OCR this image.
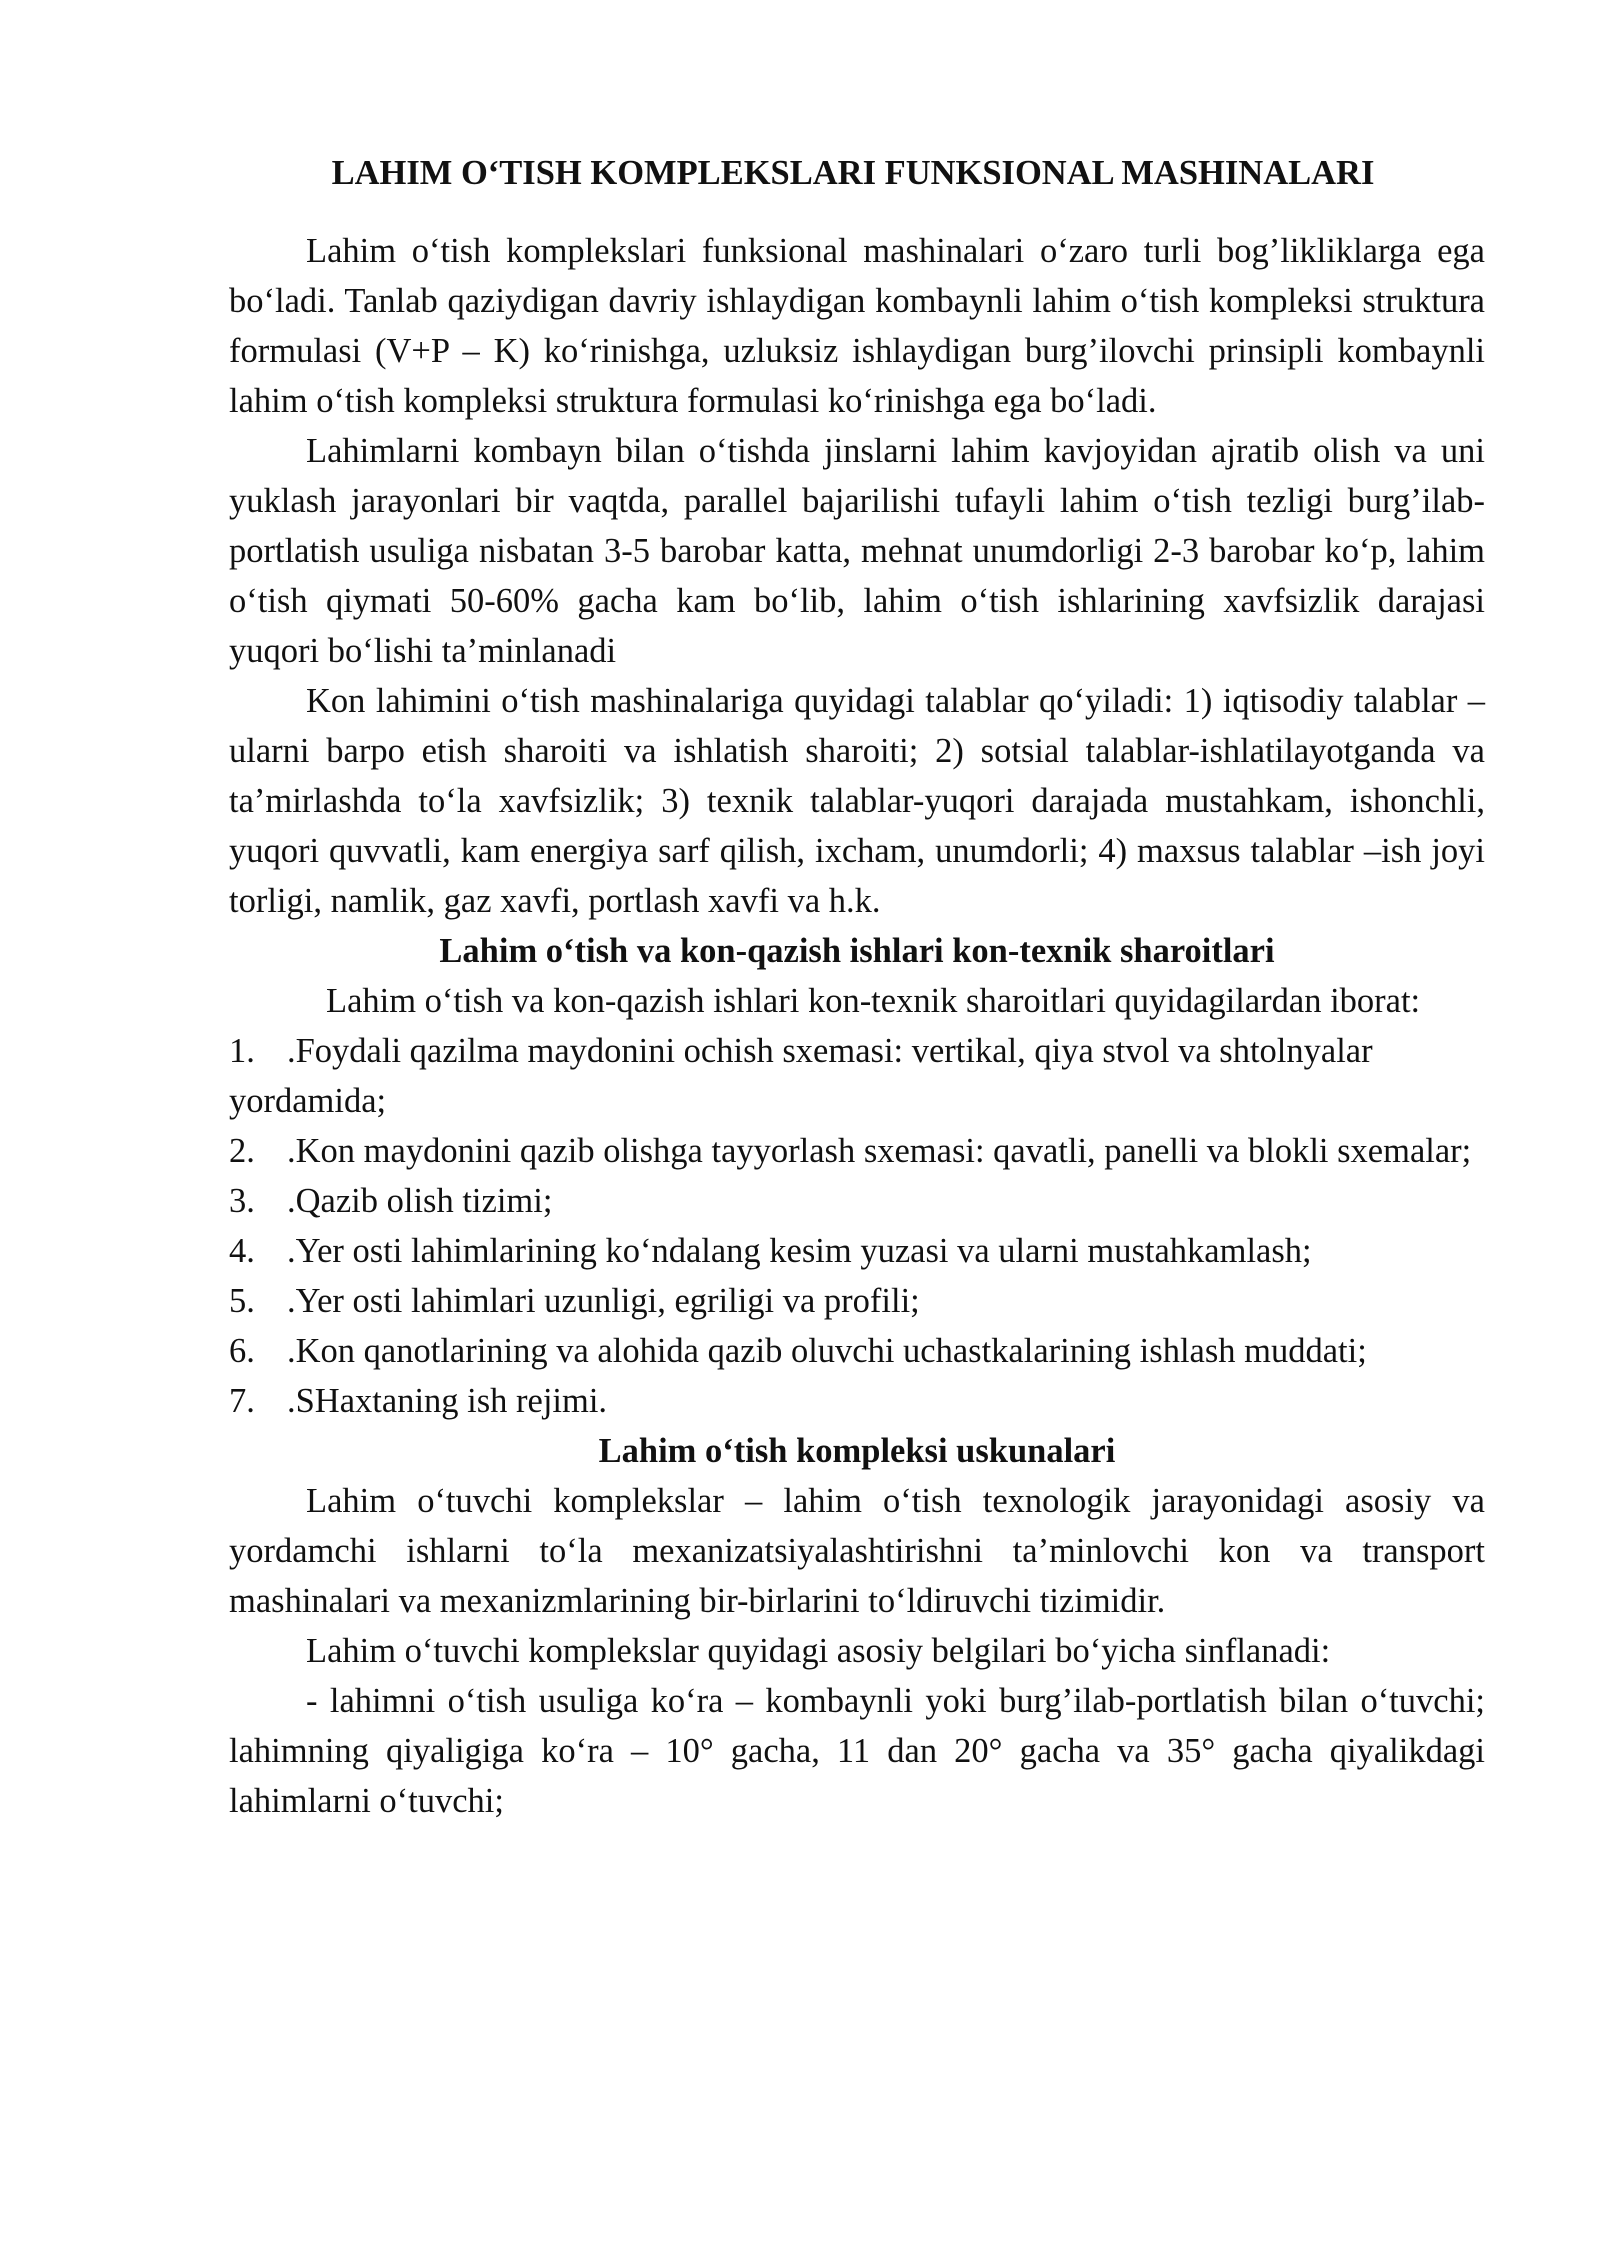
LAHIM O‘TISH KOMPLEKSLARI FUNKSIONAL MASHINALARI

Lahim o‘tish komplekslari funksional mashinalari o‘zaro turli bog’likliklarga ega bo‘ladi. Tanlab qaziydigan davriy ishlaydigan kombaynli lahim o‘tish kompleksi struktura formulasi (V+P – K) ko‘rinishga, uzluksiz ishlaydigan burg’ilovchi prinsipli kombaynli lahim o‘tish kompleksi struktura formulasi ko‘rinishga ega bo‘ladi.

Lahimlarni kombayn bilan o‘tishda jinslarni lahim kavjoyidan ajratib olish va uni yuklash jarayonlari bir vaqtda, parallel bajarilishi tufayli lahim o‘tish tezligi burg’ilab-portlatish usuliga nisbatan 3-5 barobar katta, mehnat unumdorligi 2-3 barobar ko‘p, lahim o‘tish qiymati 50-60% gacha kam bo‘lib, lahim o‘tish ishlarining xavfsizlik darajasi yuqori bo‘lishi ta’minlanadi

Kon lahimini o‘tish mashinalariga quyidagi talablar qo‘yiladi: 1) iqtisodiy talablar – ularni barpo etish sharoiti va ishlatish sharoiti; 2) sotsial talablar-ishlatilayotganda va ta’mirlashda to‘la xavfsizlik; 3) texnik talablar-yuqori darajada mustahkam, ishonchli, yuqori quvvatli, kam energiya sarf qilish, ixcham, unumdorli; 4) maxsus talablar –ish joyi torligi, namlik, gaz xavfi, portlash xavfi va h.k.

Lahim o‘tish va kon-qazish ishlari kon-texnik sharoitlari

Lahim o‘tish va kon-qazish ishlari kon-texnik sharoitlari quyidagilardan iborat:

1. .Foydali qazilma maydonini ochish sxemasi: vertikal, qiya stvol va shtolnyalar yordamida;
2. .Kon maydonini qazib olishga tayyorlash sxemasi: qavatli, panelli va blokli sxemalar;
3. .Qazib olish tizimi;
4. .Yer osti lahimlarining ko‘ndalang kesim yuzasi va ularni mustahkamlash;
5. .Yer osti lahimlari uzunligi, egriligi va profili;
6. .Kon qanotlarining va alohida qazib oluvchi uchastkalarining ishlash muddati;
7. .SHaxtaning ish rejimi.
Lahim o‘tish kompleksi uskunalari

Lahim o‘tuvchi komplekslar – lahim o‘tish texnologik jarayonidagi asosiy va yordamchi ishlarni to‘la mexanizatsiyalashtirishni ta’minlovchi kon va transport mashinalari va mexanizmlarining bir-birlarini to‘ldiruvchi tizimidir.

Lahim o‘tuvchi komplekslar quyidagi asosiy belgilari bo‘yicha sinflanadi:

- lahimni o‘tish usuliga ko‘ra – kombaynli yoki burg’ilab-portlatish bilan o‘tuvchi; lahimning qiyaligiga ko‘ra – 10° gacha, 11 dan 20° gacha va 35° gacha qiyalikdagi lahimlarni o‘tuvchi;
